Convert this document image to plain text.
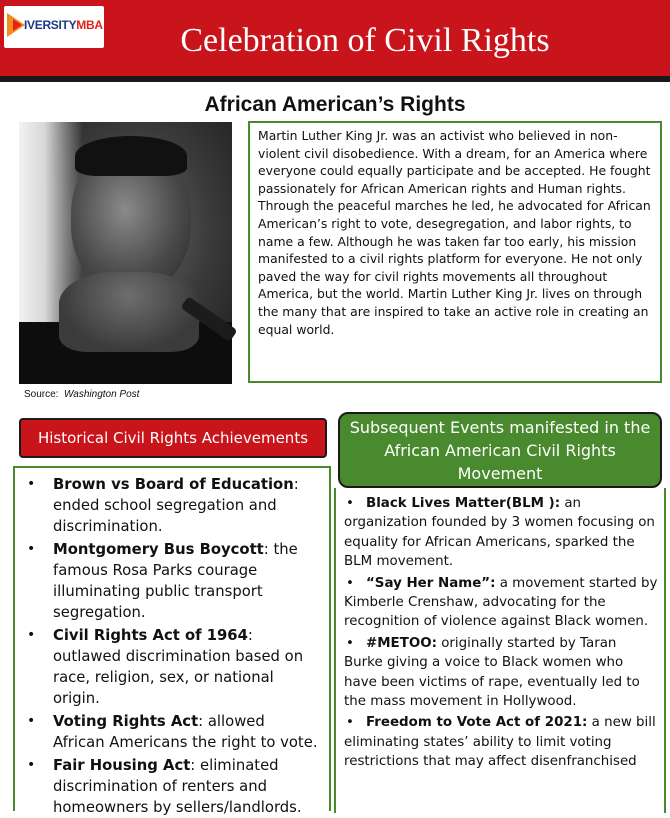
IVERSITYMBA	Celebration of Civil Rights
African American’s Rights
Source: Washington Post
Martin Luther King Jr. was an activist who believed in non-violent civil disobedience. With a dream, for an America where everyone could equally participate and be accepted. He fought passionately for African American rights and Human rights. Through the peaceful marches he led, he advocated for African American’s right to vote, desegregation, and labor rights, to name a few. Although he was taken far too early, his mission manifested to a civil rights platform for everyone. He not only paved the way for civil rights movements all throughout America, but the world. Martin Luther King Jr. lives on through the many that are inspired to take an active role in creating an equal world.
Historical Civil Rights Achievements
Subsequent Events manifested in the African American Civil Rights Movement
• Brown vs Board of Education: ended school segregation and discrimination.
• Montgomery Bus Boycott: the famous Rosa Parks courage illuminating public transport segregation.
• Civil Rights Act of 1964: outlawed discrimination based on race, religion, sex, or national origin.
• Voting Rights Act: allowed African Americans the right to vote.
• Fair Housing Act: eliminated discrimination of renters and homeowners by sellers/landlords.
• Black Lives Matter(BLM ): an organization founded by 3 women focusing on equality for African Americans, sparked the BLM movement.
• “Say Her Name”: a movement started by Kimberle Crenshaw, advocating for the recognition of violence against Black women.
• #METOO: originally started by Taran Burke giving a voice to Black women who have been victims of rape, eventually led to the mass movement in Hollywood.
• Freedom to Vote Act of 2021: a new bill eliminating states’ ability to limit voting restrictions that may affect disenfranchised
